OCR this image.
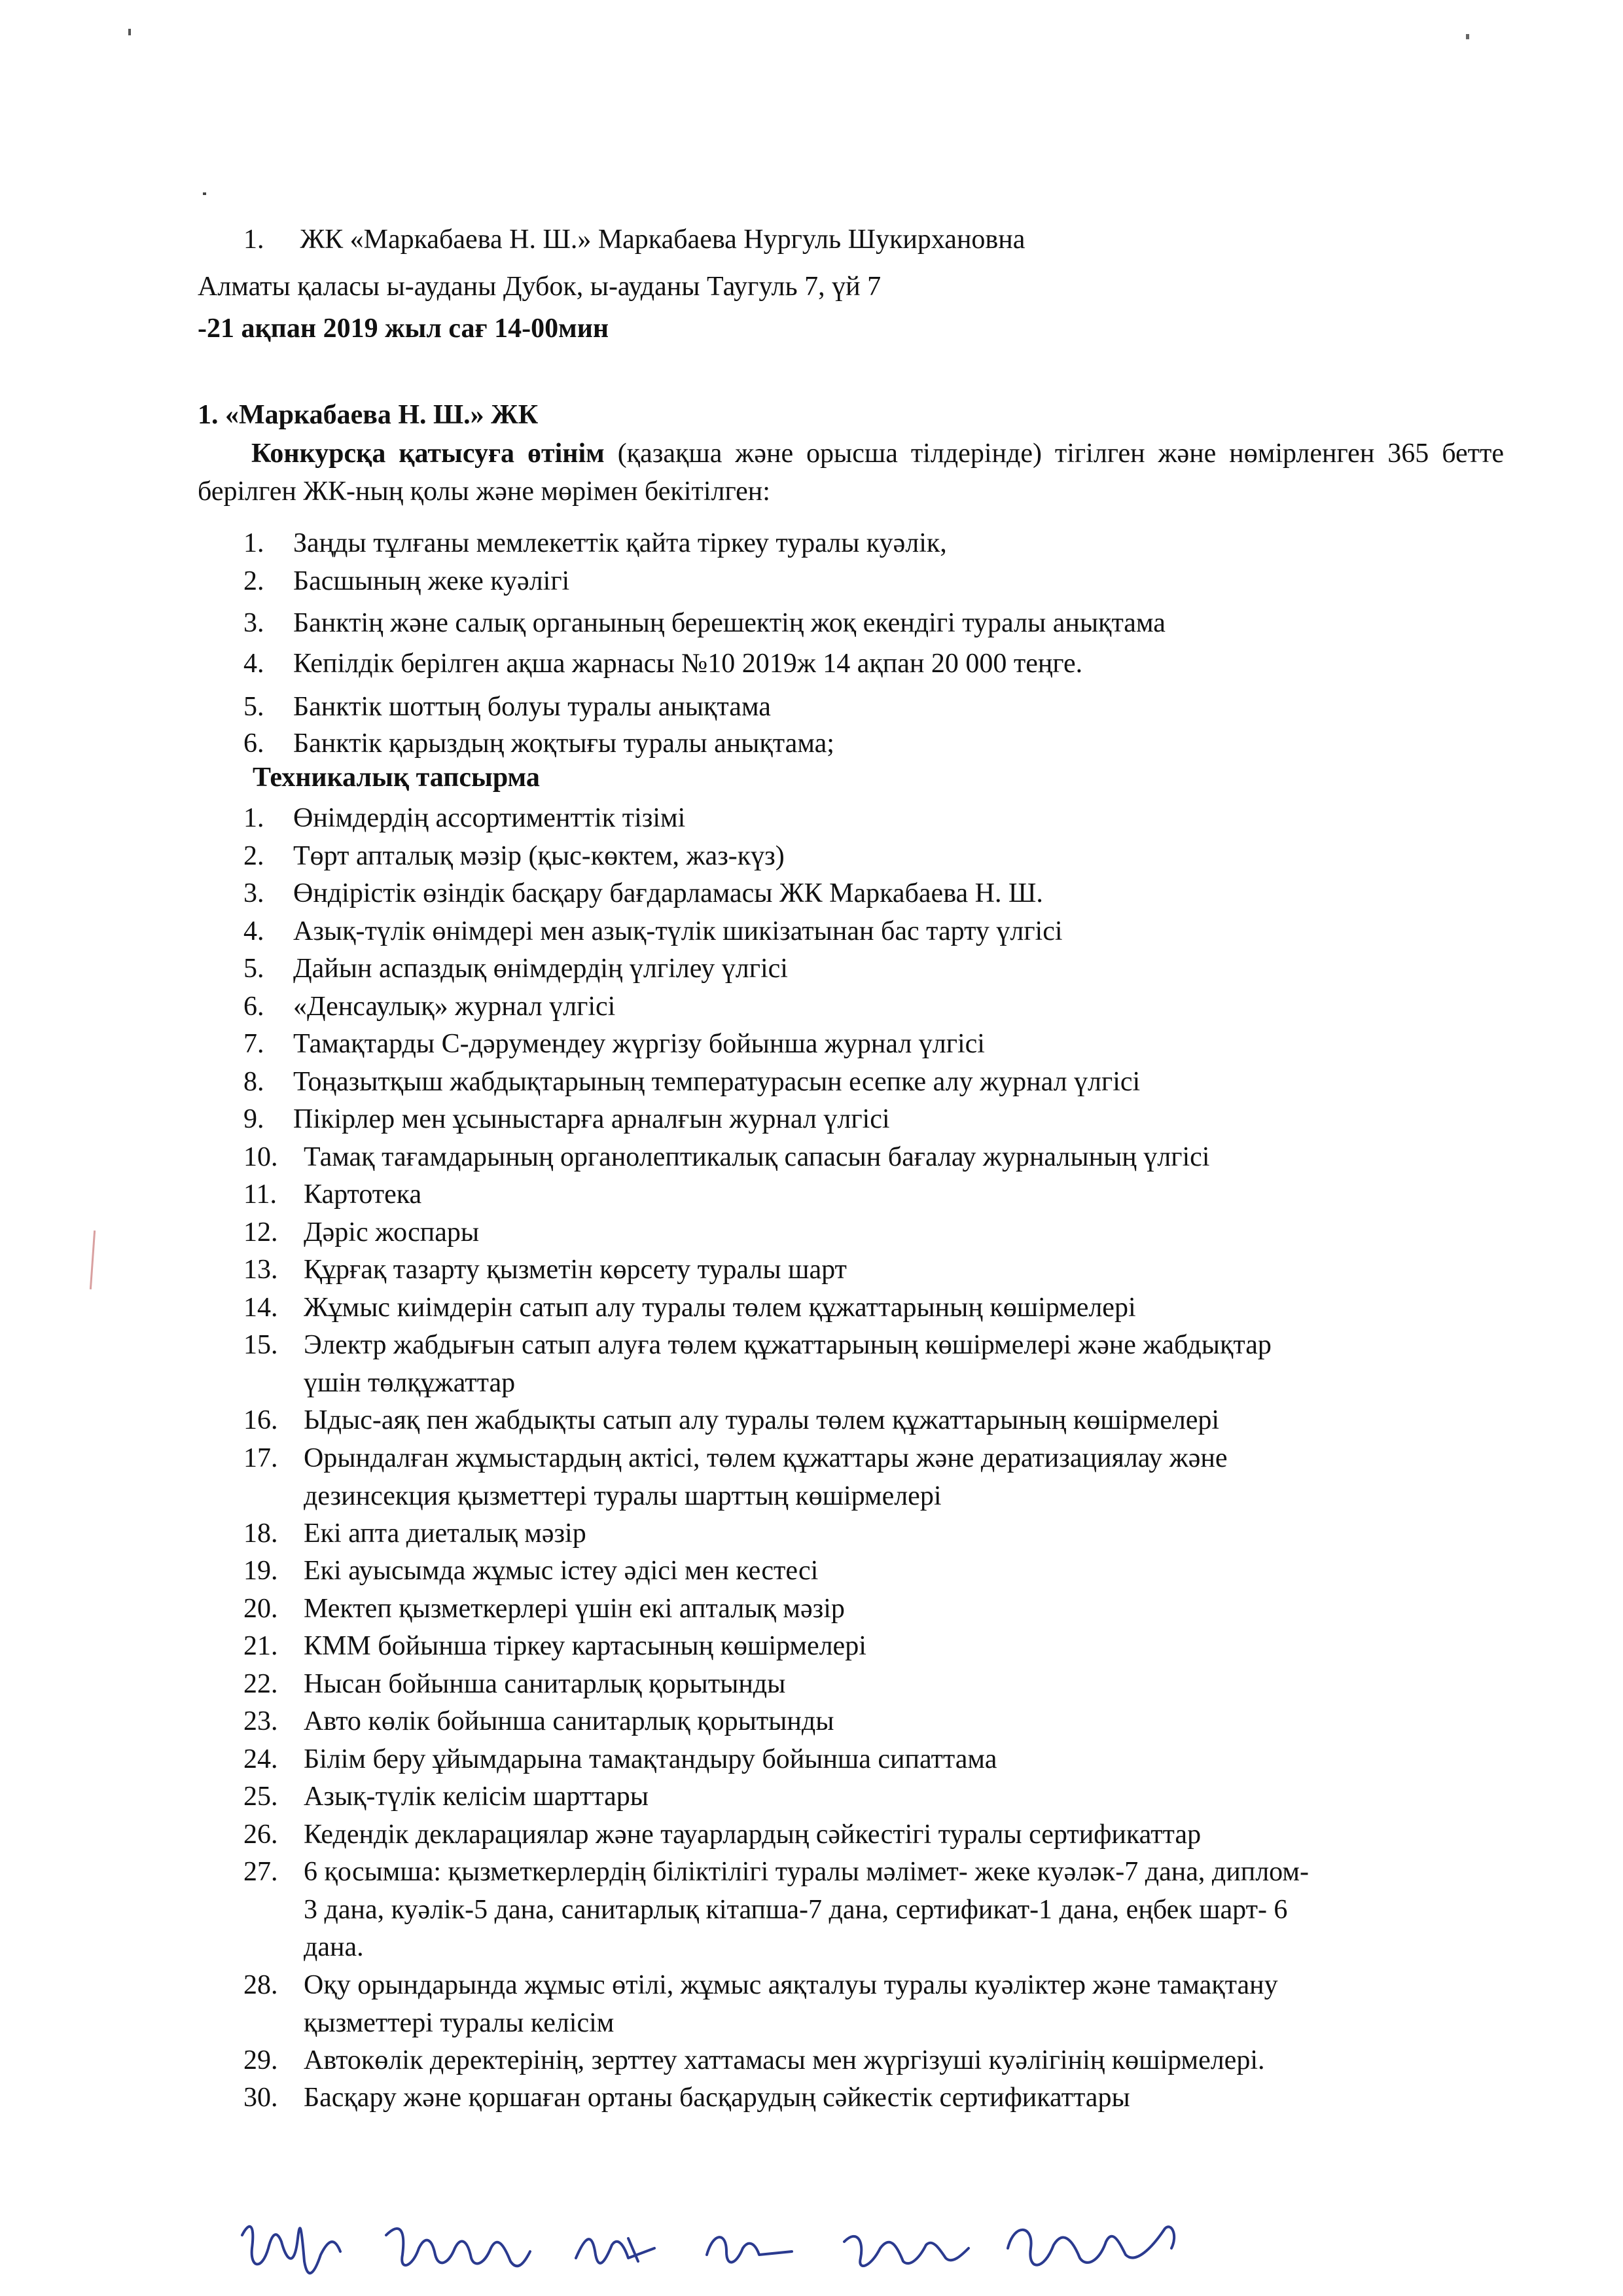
1. ЖК «Маркабаева Н. Ш.» Маркабаева Нургуль Шукирхановна
Алматы қаласы ы-ауданы Дубок, ы-ауданы Таугуль 7, үй 7
-21 ақпан 2019 жыл сағ 14-00мин
1. «Маркабаева Н. Ш.» ЖК
Конкурсқа қатысуға өтінім (қазақша және орысша тілдерінде) тігілген және нөмірленген 365 бетте берілген ЖК-ның қолы және мөрімен бекітілген:
1. Заңды тұлғаны мемлекеттік қайта тіркеу туралы куәлік,
2. Басшының жеке куәлігі
3. Банктің және салық органының берешектің жоқ екендігі туралы анықтама
4. Кепілдік берілген ақша жарнасы №10 2019ж 14 ақпан 20 000 теңге.
5. Банктік шоттың болуы туралы анықтама
6. Банктік қарыздың жоқтығы туралы анықтама;
Техникалық тапсырма
1. Өнімдердің ассортименттік тізімі
2. Төрт апталық мәзір (қыс-көктем, жаз-күз)
3. Өндірістік өзіндік басқару бағдарламасы ЖК Маркабаева Н. Ш.
4. Азық-түлік өнімдері мен азық-түлік шикізатынан бас тарту үлгісі
5. Дайын аспаздық өнімдердің үлгілеу үлгісі
6. «Денсаулық» журнал үлгісі
7. Тамақтарды С-дәрумендеу жүргізу бойынша журнал үлгісі
8. Тоңазытқыш жабдықтарының температурасын есепке алу журнал үлгісі
9. Пікірлер мен ұсыныстарға арналғын журнал үлгісі
10. Тамақ тағамдарының органолептикалық сапасын бағалау журналының үлгісі
11. Картотека
12. Дәріс жоспары
13. Құрғақ тазарту қызметін көрсету туралы шарт
14. Жұмыс киімдерін сатып алу туралы төлем құжаттарының көшірмелері
15. Электр жабдығын сатып алуға төлем құжаттарының көшірмелері және жабдықтар
үшін төлқұжаттар
16. Ыдыс-аяқ пен жабдықты сатып алу туралы төлем құжаттарының көшірмелері
17. Орындалған жұмыстардың актісі, төлем құжаттары және дератизациялау және
дезинсекция қызметтері туралы шарттың көшірмелері
18. Екі апта диеталық мәзір
19. Екі ауысымда жұмыс істеу әдісі мен кестесі
20. Мектеп қызметкерлері үшін екі апталық мәзір
21. КММ бойынша тіркеу картасының көшірмелері
22. Нысан бойынша санитарлық қорытынды
23. Авто көлік бойынша санитарлық қорытынды
24. Білім беру ұйымдарына тамақтандыру бойынша сипаттама
25. Азық-түлік келісім шарттары
26. Кедендік декларациялар және тауарлардың сәйкестігі туралы сертификаттар
27. 6 қосымша: қызметкерлердің біліктілігі туралы мәлімет- жеке куәләк-7 дана, диплом-
3 дана, куәлік-5 дана, санитарлық кітапша-7 дана, сертификат-1 дана, еңбек шарт- 6
дана.
28. Оқу орындарында жұмыс өтілі, жұмыс аяқталуы туралы куәліктер және тамақтану
қызметтері туралы келісім
29. Автокөлік деректерінің, зерттеу хаттамасы мен жүргізуші куәлігінің көшірмелері.
30. Басқару және қоршаған ортаны басқарудың сәйкестік сертификаттары
